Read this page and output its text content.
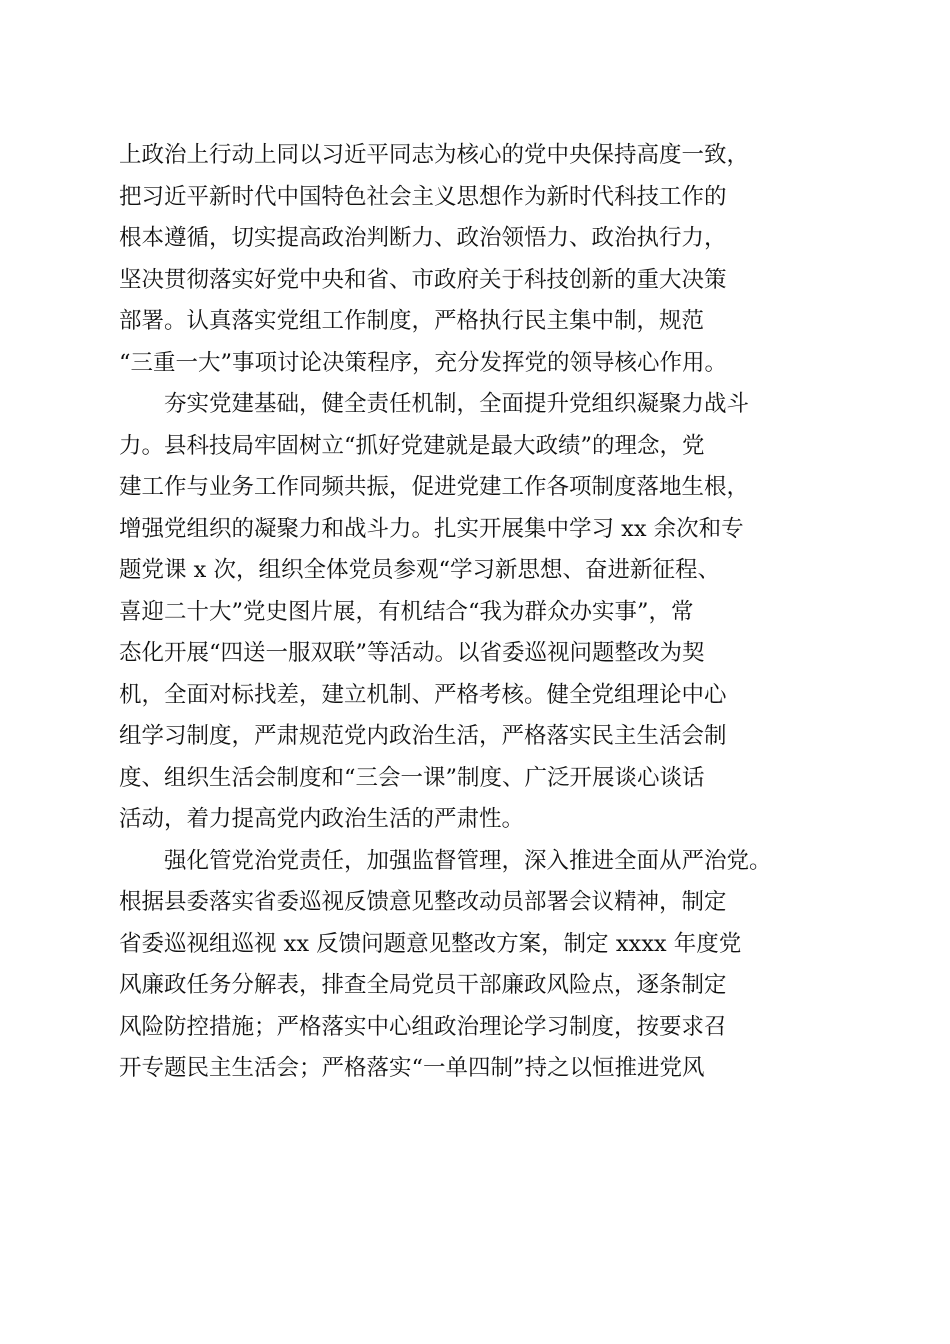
上政治上行动上同以习近平同志为核心的党中央保持高度一致，
把习近平新时代中国特色社会主义思想作为新时代科技工作的
根本遵循，切实提高政治判断力、政治领悟力、政治执行力，
坚决贯彻落实好党中央和省、市政府关于科技创新的重大决策
部署。认真落实党组工作制度，严格执行民主集中制，规范
“三重一大”事项讨论决策程序，充分发挥党的领导核心作用。
夯实党建基础，健全责任机制，全面提升党组织凝聚力战斗
力。县科技局牢固树立“抓好党建就是最大政绩”的理念，党
建工作与业务工作同频共振，促进党建工作各项制度落地生根，
增强党组织的凝聚力和战斗力。扎实开展集中学习 xx 余次和专
题党课 x 次，组织全体党员参观“学习新思想、奋进新征程、
喜迎二十大”党史图片展，有机结合“我为群众办实事”，常
态化开展“四送一服双联”等活动。以省委巡视问题整改为契
机，全面对标找差，建立机制、严格考核。健全党组理论中心
组学习制度，严肃规范党内政治生活，严格落实民主生活会制
度、组织生活会制度和“三会一课”制度、广泛开展谈心谈话
活动，着力提高党内政治生活的严肃性。
强化管党治党责任，加强监督管理，深入推进全面从严治党。
根据县委落实省委巡视反馈意见整改动员部署会议精神，制定
省委巡视组巡视 xx 反馈问题意见整改方案，制定 xxxx 年度党
风廉政任务分解表，排查全局党员干部廉政风险点，逐条制定
风险防控措施；严格落实中心组政治理论学习制度，按要求召
开专题民主生活会；严格落实“一单四制”持之以恒推进党风
